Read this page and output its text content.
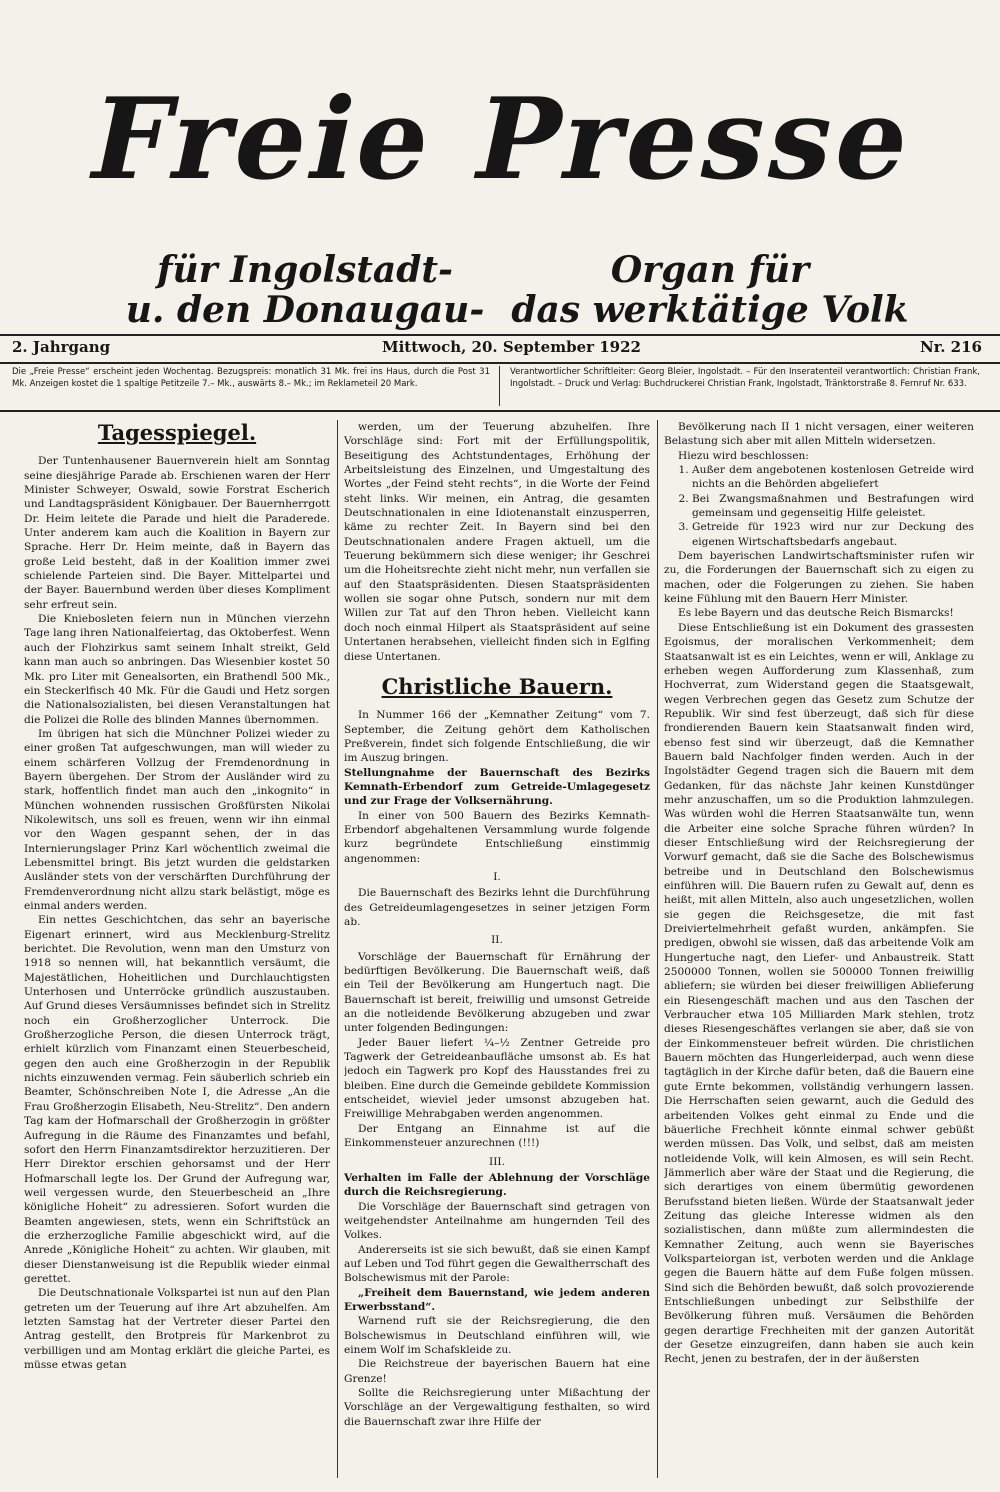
Freie Presse
für Ingolstadt-
u. den Donaugau-
Organ für
das werktätige Volk
2. Jahrgang	Mittwoch, 20. September 1922	Nr. 216
Die „Freie Presse“ erscheint jeden Wochentag. Bezugspreis: monatlich 31 Mk. frei ins Haus, durch die Post 31 Mk. Anzeigen kostet die 1 spaltige Petitzeile 7.– Mk., auswärts 8.– Mk.; im Reklameteil 20 Mark.
Verantwortlicher Schriftleiter: Georg Bleier, Ingolstadt. – Für den Inseratenteil verantwortlich: Christian Frank, Ingolstadt. – Druck und Verlag: Buchdruckerei Christian Frank, Ingolstadt, Tränktorstraße 8. Fernruf Nr. 633.
Tagesspiegel.

Der Tuntenhausener Bauernverein hielt am Sonntag seine diesjährige Parade ab. Erschienen waren der Herr Minister Schweyer, Oswald, sowie Forstrat Escherich und Landtagspräsident Königbauer. Der Bauernherrgott Dr. Heim leitete die Parade und hielt die Paraderede. Unter anderem kam auch die Koalition in Bayern zur Sprache. Herr Dr. Heim meinte, daß in Bayern das große Leid besteht, daß in der Koalition immer zwei schielende Parteien sind. Die Bayer. Mittelpartei und der Bayer. Bauernbund werden über dieses Kompliment sehr erfreut sein.

Die Kniebosleten feiern nun in München vierzehn Tage lang ihren Nationalfeiertag, das Oktoberfest. Wenn auch der Flohzirkus samt seinem Inhalt streikt, Geld kann man auch so anbringen. Das Wiesenbier kostet 50 Mk. pro Liter mit Genealsorten, ein Brathendl 500 Mk., ein Steckerlfisch 40 Mk. Für die Gaudi und Hetz sorgen die Nationalsozialisten, bei diesen Veranstaltungen hat die Polizei die Rolle des blinden Mannes übernommen.

Im übrigen hat sich die Münchner Polizei wieder zu einer großen Tat aufgeschwungen, man will wieder zu einem schärferen Vollzug der Fremdenordnung in Bayern übergehen. Der Strom der Ausländer wird zu stark, hoffentlich findet man auch den „inkognito“ in München wohnenden russischen Großfürsten Nikolai Nikolewitsch, uns soll es freuen, wenn wir ihn einmal vor den Wagen gespannt sehen, der in das Internierungslager Prinz Karl wöchentlich zweimal die Lebensmittel bringt. Bis jetzt wurden die geldstarken Ausländer stets von der verschärften Durchführung der Fremdenverordnung nicht allzu stark belästigt, möge es einmal anders werden.

Ein nettes Geschichtchen, das sehr an bayerische Eigenart erinnert, wird aus Mecklenburg-Strelitz berichtet. Die Revolution, wenn man den Umsturz von 1918 so nennen will, hat bekanntlich versäumt, die Majestätlichen, Hoheitlichen und Durchlauchtigsten Unterhosen und Unterröcke gründlich auszustauben. Auf Grund dieses Versäumnisses befindet sich in Strelitz noch ein Großherzoglicher Unterrock. Die Großherzogliche Person, die diesen Unterrock trägt, erhielt kürzlich vom Finanzamt einen Steuerbescheid, gegen den auch eine Großherzogin in der Republik nichts einzuwenden vermag. Fein säuberlich schrieb ein Beamter, Schönschreiben Note I, die Adresse „An die Frau Großherzogin Elisabeth, Neu-Strelitz“. Den andern Tag kam der Hofmarschall der Großherzogin in größter Aufregung in die Räume des Finanzamtes und befahl, sofort den Herrn Finanzamtsdirektor herzuzitieren. Der Herr Direktor erschien gehorsamst und der Herr Hofmarschall legte los. Der Grund der Aufregung war, weil vergessen wurde, den Steuerbescheid an „Ihre königliche Hoheit“ zu adressieren. Sofort wurden die Beamten angewiesen, stets, wenn ein Schriftstück an die erzherzogliche Familie abgeschickt wird, auf die Anrede „Königliche Hoheit“ zu achten. Wir glauben, mit dieser Dienstanweisung ist die Republik wieder einmal gerettet.

Die Deutschnationale Volkspartei ist nun auf den Plan getreten um der Teuerung auf ihre Art abzuhelfen. Am letzten Samstag hat der Vertreter dieser Partei den Antrag gestellt, den Brotpreis für Markenbrot zu verbilligen und am Montag erklärt die gleiche Partei, es müsse etwas getan

werden, um der Teuerung abzuhelfen. Ihre Vorschläge sind: Fort mit der Erfüllungspolitik, Beseitigung des Achtstundentages, Erhöhung der Arbeitsleistung des Einzelnen, und Umgestaltung des Wortes „der Feind steht rechts“, in die Worte der Feind steht links. Wir meinen, ein Antrag, die gesamten Deutschnationalen in eine Idiotenanstalt einzusperren, käme zu rechter Zeit. In Bayern sind bei den Deutschnationalen andere Fragen aktuell, um die Teuerung bekümmern sich diese weniger; ihr Geschrei um die Hoheitsrechte zieht nicht mehr, nun verfallen sie auf den Staatspräsidenten. Diesen Staatspräsidenten wollen sie sogar ohne Putsch, sondern nur mit dem Willen zur Tat auf den Thron heben. Vielleicht kann doch noch einmal Hilpert als Staatspräsident auf seine Untertanen herabsehen, vielleicht finden sich in Eglfing diese Untertanen.

Christliche Bauern.

In Nummer 166 der „Kemnather Zeitung“ vom 7. September, die Zeitung gehört dem Katholischen Preßverein, findet sich folgende Entschließung, die wir im Auszug bringen.

Stellungnahme der Bauernschaft des Bezirks Kemnath-Erbendorf zum Getreide-Umlagegesetz und zur Frage der Volksernährung.

In einer von 500 Bauern des Bezirks Kemnath-Erbendorf abgehaltenen Versammlung wurde folgende kurz begründete Entschließung einstimmig angenommen:

I.

Die Bauernschaft des Bezirks lehnt die Durchführung des Getreideumlagengesetzes in seiner jetzigen Form ab.

II.

Vorschläge der Bauernschaft für Ernährung der bedürftigen Bevölkerung. Die Bauernschaft weiß, daß ein Teil der Bevölkerung am Hungertuch nagt. Die Bauernschaft ist bereit, freiwillig und umsonst Getreide an die notleidende Bevölkerung abzugeben und zwar unter folgenden Bedingungen:

Jeder Bauer liefert ¼–½ Zentner Getreide pro Tagwerk der Getreideanbaufläche umsonst ab. Es hat jedoch ein Tagwerk pro Kopf des Hausstandes frei zu bleiben. Eine durch die Gemeinde gebildete Kommission entscheidet, wieviel jeder umsonst abzugeben hat. Freiwillige Mehrabgaben werden angenommen.

Der Entgang an Einnahme ist auf die Einkommensteuer anzurechnen (!!!)

III.

Verhalten im Falle der Ablehnung der Vorschläge durch die Reichsregierung.

Die Vorschläge der Bauernschaft sind getragen von weitgehendster Anteilnahme am hungernden Teil des Volkes.

Andererseits ist sie sich bewußt, daß sie einen Kampf auf Leben und Tod führt gegen die Gewaltherrschaft des Bolschewismus mit der Parole:

„Freiheit dem Bauernstand, wie jedem anderen Erwerbsstand“.

Warnend ruft sie der Reichsregierung, die den Bolschewismus in Deutschland einführen will, wie einem Wolf im Schafskleide zu.

Die Reichstreue der bayerischen Bauern hat eine Grenze!

Sollte die Reichsregierung unter Mißachtung der Vorschläge an der Vergewaltigung festhalten, so wird die Bauernschaft zwar ihre Hilfe der

Bevölkerung nach II 1 nicht versagen, einer weiteren Belastung sich aber mit allen Mitteln widersetzen.

Hiezu wird beschlossen:

1. Außer dem angebotenen kostenlosen Getreide wird nichts an die Behörden abgeliefert
2. Bei Zwangsmaßnahmen und Bestrafungen wird gemeinsam und gegenseitig Hilfe geleistet.
3. Getreide für 1923 wird nur zur Deckung des eigenen Wirtschaftsbedarfs angebaut.

Dem bayerischen Landwirtschaftsminister rufen wir zu, die Forderungen der Bauernschaft sich zu eigen zu machen, oder die Folgerungen zu ziehen. Sie haben keine Fühlung mit den Bauern Herr Minister.

Es lebe Bayern und das deutsche Reich Bismarcks!

Diese Entschließung ist ein Dokument des grassesten Egoismus, der moralischen Verkommenheit; dem Staatsanwalt ist es ein Leichtes, wenn er will, Anklage zu erheben wegen Aufforderung zum Klassenhaß, zum Hochverrat, zum Widerstand gegen die Staatsgewalt, wegen Verbrechen gegen das Gesetz zum Schutze der Republik. Wir sind fest überzeugt, daß sich für diese frondierenden Bauern kein Staatsanwalt finden wird, ebenso fest sind wir überzeugt, daß die Kemnather Bauern bald Nachfolger finden werden. Auch in der Ingolstädter Gegend tragen sich die Bauern mit dem Gedanken, für das nächste Jahr keinen Kunstdünger mehr anzuschaffen, um so die Produktion lahmzulegen. Was würden wohl die Herren Staatsanwälte tun, wenn die Arbeiter eine solche Sprache führen würden? In dieser Entschließung wird der Reichsregierung der Vorwurf gemacht, daß sie die Sache des Bolschewismus betreibe und in Deutschland den Bolschewismus einführen will. Die Bauern rufen zu Gewalt auf, denn es heißt, mit allen Mitteln, also auch ungesetzlichen, wollen sie gegen die Reichsgesetze, die mit fast Dreiviertelmehrheit gefaßt wurden, ankämpfen. Sie predigen, obwohl sie wissen, daß das arbeitende Volk am Hungertuche nagt, den Liefer- und Anbaustreik. Statt 2500000 Tonnen, wollen sie 500000 Tonnen freiwillig abliefern; sie würden bei dieser freiwilligen Ablieferung ein Riesengeschäft machen und aus den Taschen der Verbraucher etwa 105 Milliarden Mark stehlen, trotz dieses Riesengeschäftes verlangen sie aber, daß sie von der Einkommensteuer befreit würden. Die christlichen Bauern möchten das Hungerleiderpad, auch wenn diese tagtäglich in der Kirche dafür beten, daß die Bauern eine gute Ernte bekommen, vollständig verhungern lassen. Die Herrschaften seien gewarnt, auch die Geduld des arbeitenden Volkes geht einmal zu Ende und die bäuerliche Frechheit könnte einmal schwer gebüßt werden müssen. Das Volk, und selbst, daß am meisten notleidende Volk, will kein Almosen, es will sein Recht. Jämmerlich aber wäre der Staat und die Regierung, die sich derartiges von einem übermütig gewordenen Berufsstand bieten ließen. Würde der Staatsanwalt jeder Zeitung das gleiche Interesse widmen als den sozialistischen, dann müßte zum allermindesten die Kemnather Zeitung, auch wenn sie Bayerisches Volksparteiorgan ist, verboten werden und die Anklage gegen die Bauern hätte auf dem Fuße folgen müssen. Sind sich die Behörden bewußt, daß solch provozierende Entschließungen unbedingt zur Selbsthilfe der Bevölkerung führen muß. Versäumen die Behörden gegen derartige Frechheiten mit der ganzen Autorität der Gesetze einzugreifen, dann haben sie auch kein Recht, jenen zu bestrafen, der in der äußersten
